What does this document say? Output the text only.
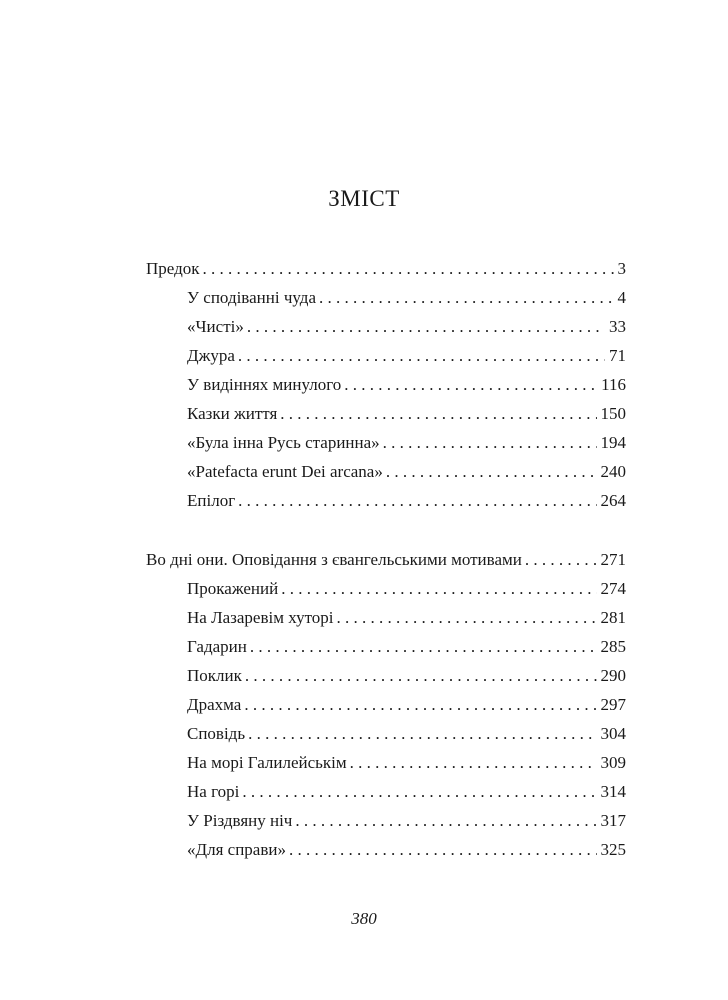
ЗМІСТ
Предок . . .	3
У сподіванні чуда . . .	4
«Чисті» . . .	33
Джура . . .	71
У видіннях минулого . . .	116
Казки життя . . .	150
«Була інна Русь старинна» . . .	194
«Patefacta erunt Dei arcana» . . .	240
Епілог . . .	264
Во дні они. Оповідання з євангельськими мотивами . . .	271
Прокажений . . .	274
На Лазаревім хуторі . . .	281
Гадарин . . .	285
Поклик . . .	290
Драхма . . .	297
Сповідь . . .	304
На морі Галилейськім . . .	309
На горі . . .	314
У Різдвяну ніч . . .	317
«Для справи» . . .	325
380
